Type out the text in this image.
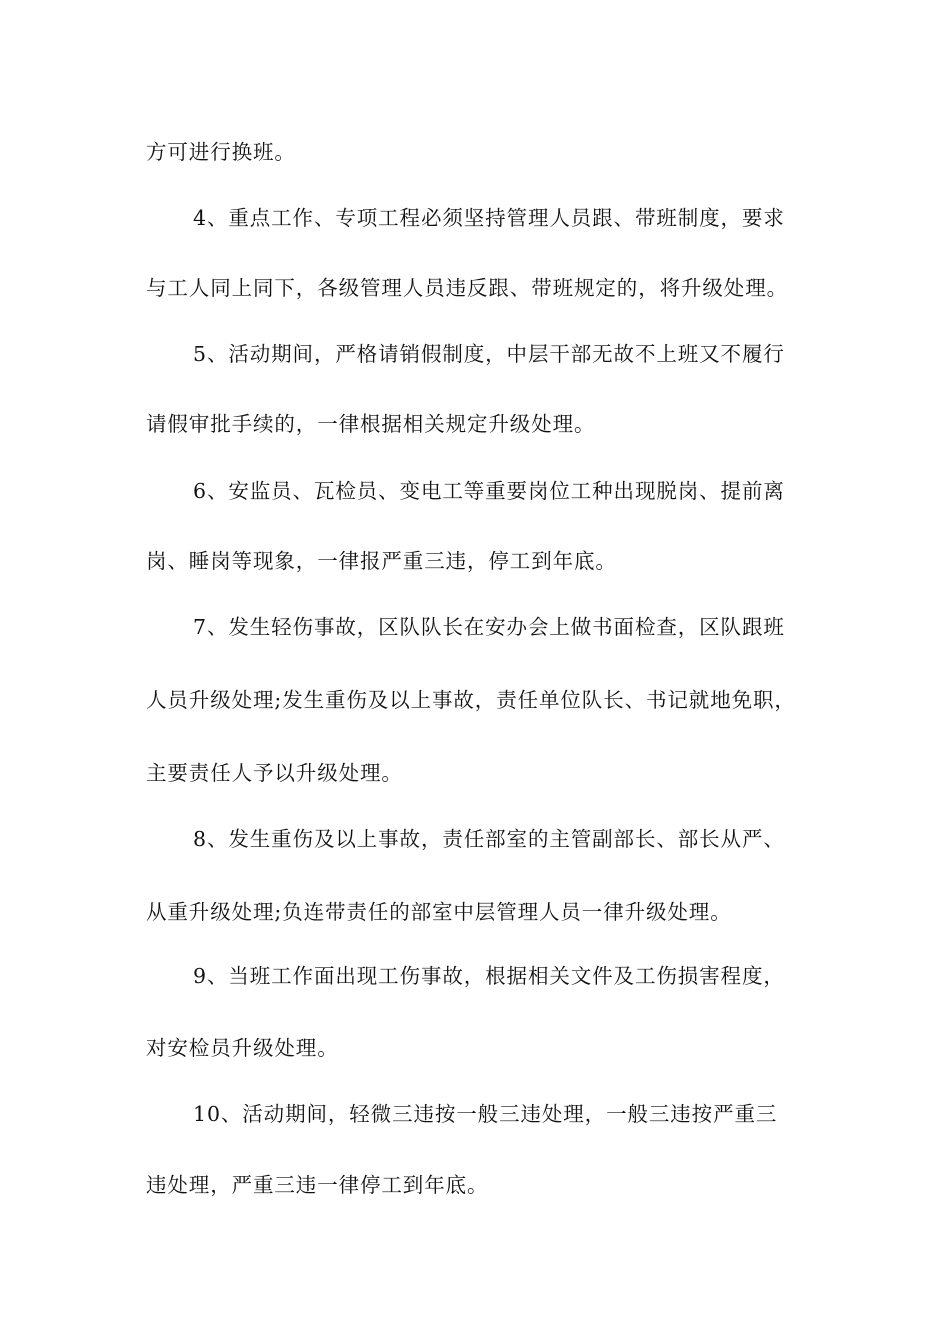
方可进行换班。
4、重点工作、专项工程必须坚持管理人员跟、带班制度，要求
与工人同上同下，各级管理人员违反跟、带班规定的，将升级处理。
5、活动期间，严格请销假制度，中层干部无故不上班又不履行
请假审批手续的，一律根据相关规定升级处理。
6、安监员、瓦检员、变电工等重要岗位工种出现脱岗、提前离
岗、睡岗等现象，一律报严重三违，停工到年底。
7、发生轻伤事故，区队队长在安办会上做书面检查，区队跟班
人员升级处理;发生重伤及以上事故，责任单位队长、书记就地免职，
主要责任人予以升级处理。
8、发生重伤及以上事故，责任部室的主管副部长、部长从严、
从重升级处理;负连带责任的部室中层管理人员一律升级处理。
9、当班工作面出现工伤事故，根据相关文件及工伤损害程度，
对安检员升级处理。
10、活动期间，轻微三违按一般三违处理，一般三违按严重三
违处理，严重三违一律停工到年底。
